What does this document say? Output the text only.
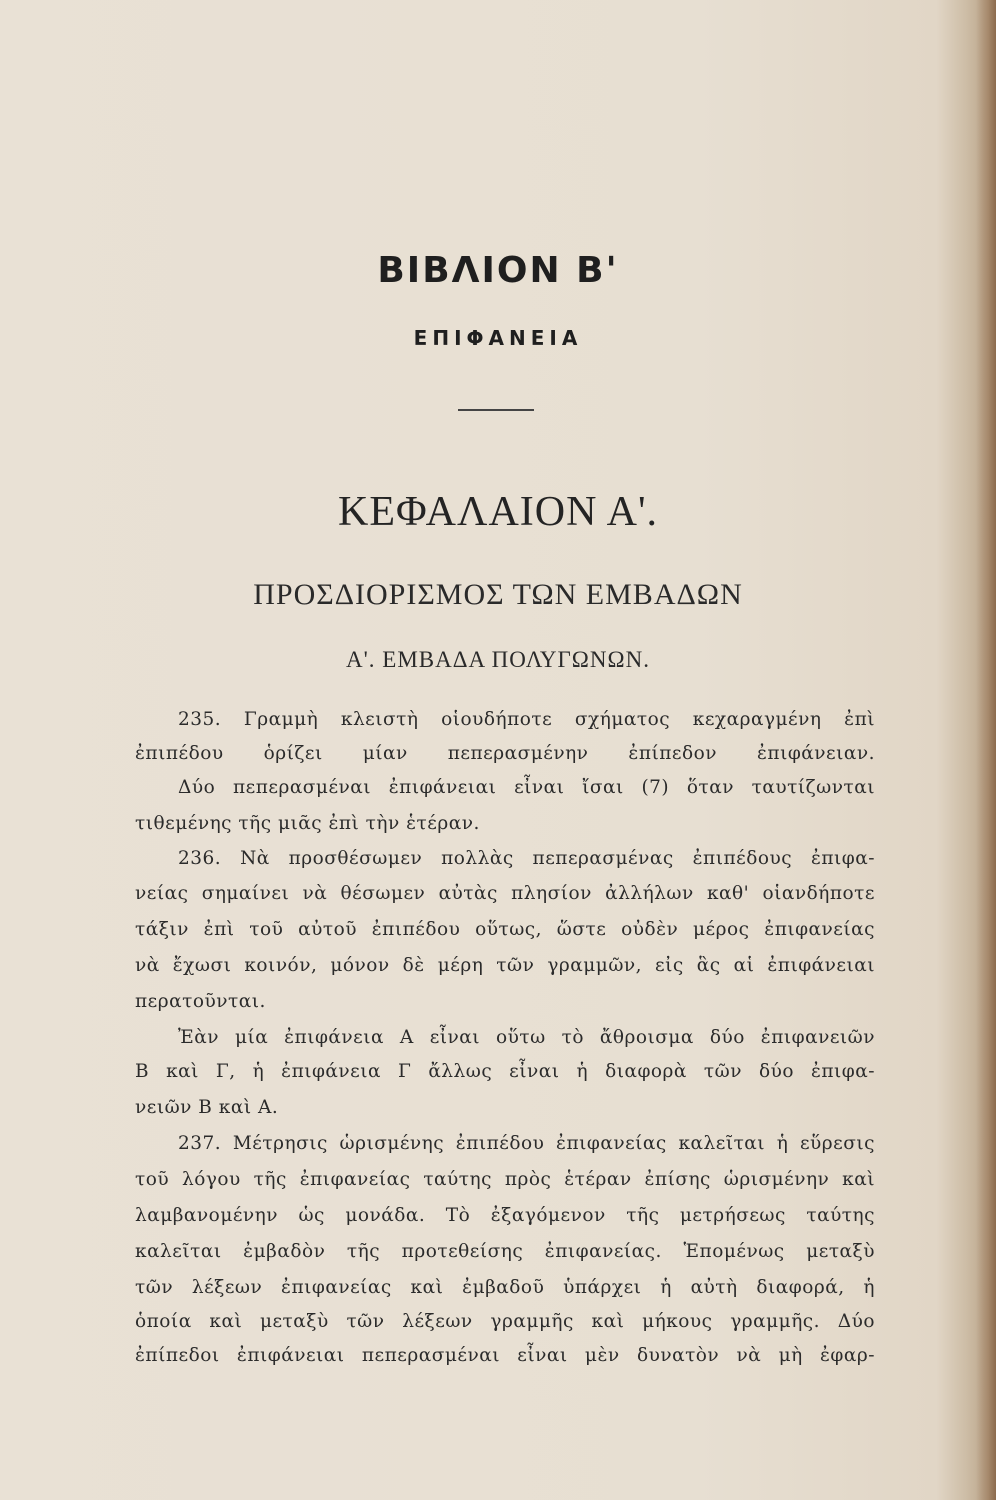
ΒΙΒΛΙΟΝ Β'
ΕΠΙΦΑΝΕΙΑ
ΚΕΦΑΛΑΙΟΝ Α'.
ΠΡΟΣΔΙΟΡΙΣΜΟΣ ΤΩΝ ΕΜΒΑΔΩΝ
Α'. ΕΜΒΑΔΑ ΠΟΛΥΓΩΝΩΝ.
235. Γραμμὴ κλειστὴ οἱουδήποτε σχήματος κεχαραγμένη ἐπὶ
ἐπιπέδου ὁρίζει μίαν πεπερασμένην ἐπίπεδον ἐπιφάνειαν.
Δύο πεπερασμέναι ἐπιφάνειαι εἶναι ἴσαι (7) ὅταν ταυτίζωνται
τιθεμένης τῆς μιᾶς ἐπὶ τὴν ἑτέραν.
236. Νὰ προσθέσωμεν πολλὰς πεπερασμένας ἐπιπέδους ἐπιφα-
νείας σημαίνει νὰ θέσωμεν αὐτὰς πλησίον ἀλλήλων καθ' οἱανδήποτε
τάξιν ἐπὶ τοῦ αὐτοῦ ἐπιπέδου οὕτως, ὥστε οὐδὲν μέρος ἐπιφανείας
νὰ ἔχωσι κοινόν, μόνον δὲ μέρη τῶν γραμμῶν, εἰς ἃς αἱ ἐπιφάνειαι
περατοῦνται.
Ἐὰν μία ἐπιφάνεια Α εἶναι οὕτω τὸ ἄθροισμα δύο ἐπιφανειῶν
Β καὶ Γ, ἡ ἐπιφάνεια Γ ἄλλως εἶναι ἡ διαφορὰ τῶν δύο ἐπιφα-
νειῶν Β καὶ Α.
237. Μέτρησις ὡρισμένης ἐπιπέδου ἐπιφανείας καλεῖται ἡ εὕρεσις
τοῦ λόγου τῆς ἐπιφανείας ταύτης πρὸς ἑτέραν ἐπίσης ὡρισμένην καὶ
λαμβανομένην ὡς μονάδα. Τὸ ἐξαγόμενον τῆς μετρήσεως ταύτης
καλεῖται ἐμβαδὸν τῆς προτεθείσης ἐπιφανείας. Ἑπομένως μεταξὺ
τῶν λέξεων ἐπιφανείας καὶ ἐμβαδοῦ ὑπάρχει ἡ αὐτὴ διαφορά, ἡ
ὁποία καὶ μεταξὺ τῶν λέξεων γραμμῆς καὶ μήκους γραμμῆς. Δύο
ἐπίπεδοι ἐπιφάνειαι πεπερασμέναι εἶναι μὲν δυνατὸν νὰ μὴ ἐφαρ-
